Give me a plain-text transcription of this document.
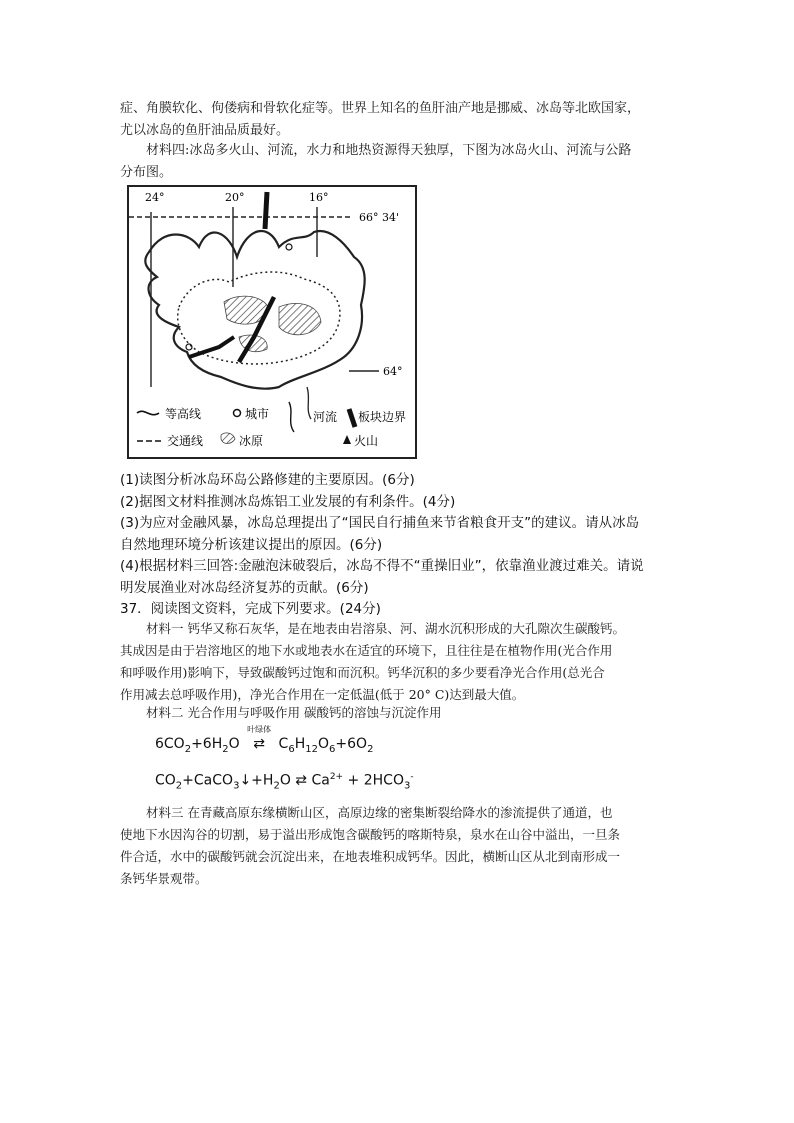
症、角膜软化、佝偻病和骨软化症等。世界上知名的鱼肝油产地是挪威、冰岛等北欧国家，
尤以冰岛的鱼肝油品质最好。
材料四:冰岛多火山、河流，水力和地热资源得天独厚，下图为冰岛火山、河流与公路
分布图。
24°	20°	16°
66° 34'
64°
等高线	城市	河流 板块边界
交通线	冰原	火山
(1)读图分析冰岛环岛公路修建的主要原因。(6分)
(2)据图文材料推测冰岛炼铝工业发展的有利条件。(4分)
(3)为应对金融风暴，冰岛总理提出了“国民自行捕鱼来节省粮食开支”的建议。请从冰岛
自然地理环境分析该建议提出的原因。(6分)
(4)根据材料三回答:金融泡沫破裂后，冰岛不得不“重操旧业”，依靠渔业渡过难关。请说
明发展渔业对冰岛经济复苏的贡献。(6分)
37．阅读图文资料，完成下列要求。(24分)
材料一 钙华又称石灰华，是在地表由岩溶泉、河、湖水沉积形成的大孔隙次生碳酸钙。
其成因是由于岩溶地区的地下水或地表水在适宜的环境下，且往往是在植物作用(光合作用
和呼吸作用)影响下，导致碳酸钙过饱和而沉积。钙华沉积的多少要看净光合作用(总光合
作用减去总呼吸作用)，净光合作用在一定低温(低于 20° C)达到最大值。
材料二 光合作用与呼吸作用 碳酸钙的溶蚀与沉淀作用
$6CO_2+6H_2O$
叶绿体
⇄ $C_6H_{12}O_6+6O_2$
$CO_2+CaCO_3↓+H_2O$ ⇄ $Ca^{2+} + 2HCO_3^-$
材料三 在青藏高原东缘横断山区，高原边缘的密集断裂给降水的渗流提供了通道，也
使地下水因沟谷的切割，易于溢出形成饱含碳酸钙的喀斯特泉，泉水在山谷中溢出，一旦条
件合适，水中的碳酸钙就会沉淀出来，在地表堆积成钙华。因此，横断山区从北到南形成一
条钙华景观带。
